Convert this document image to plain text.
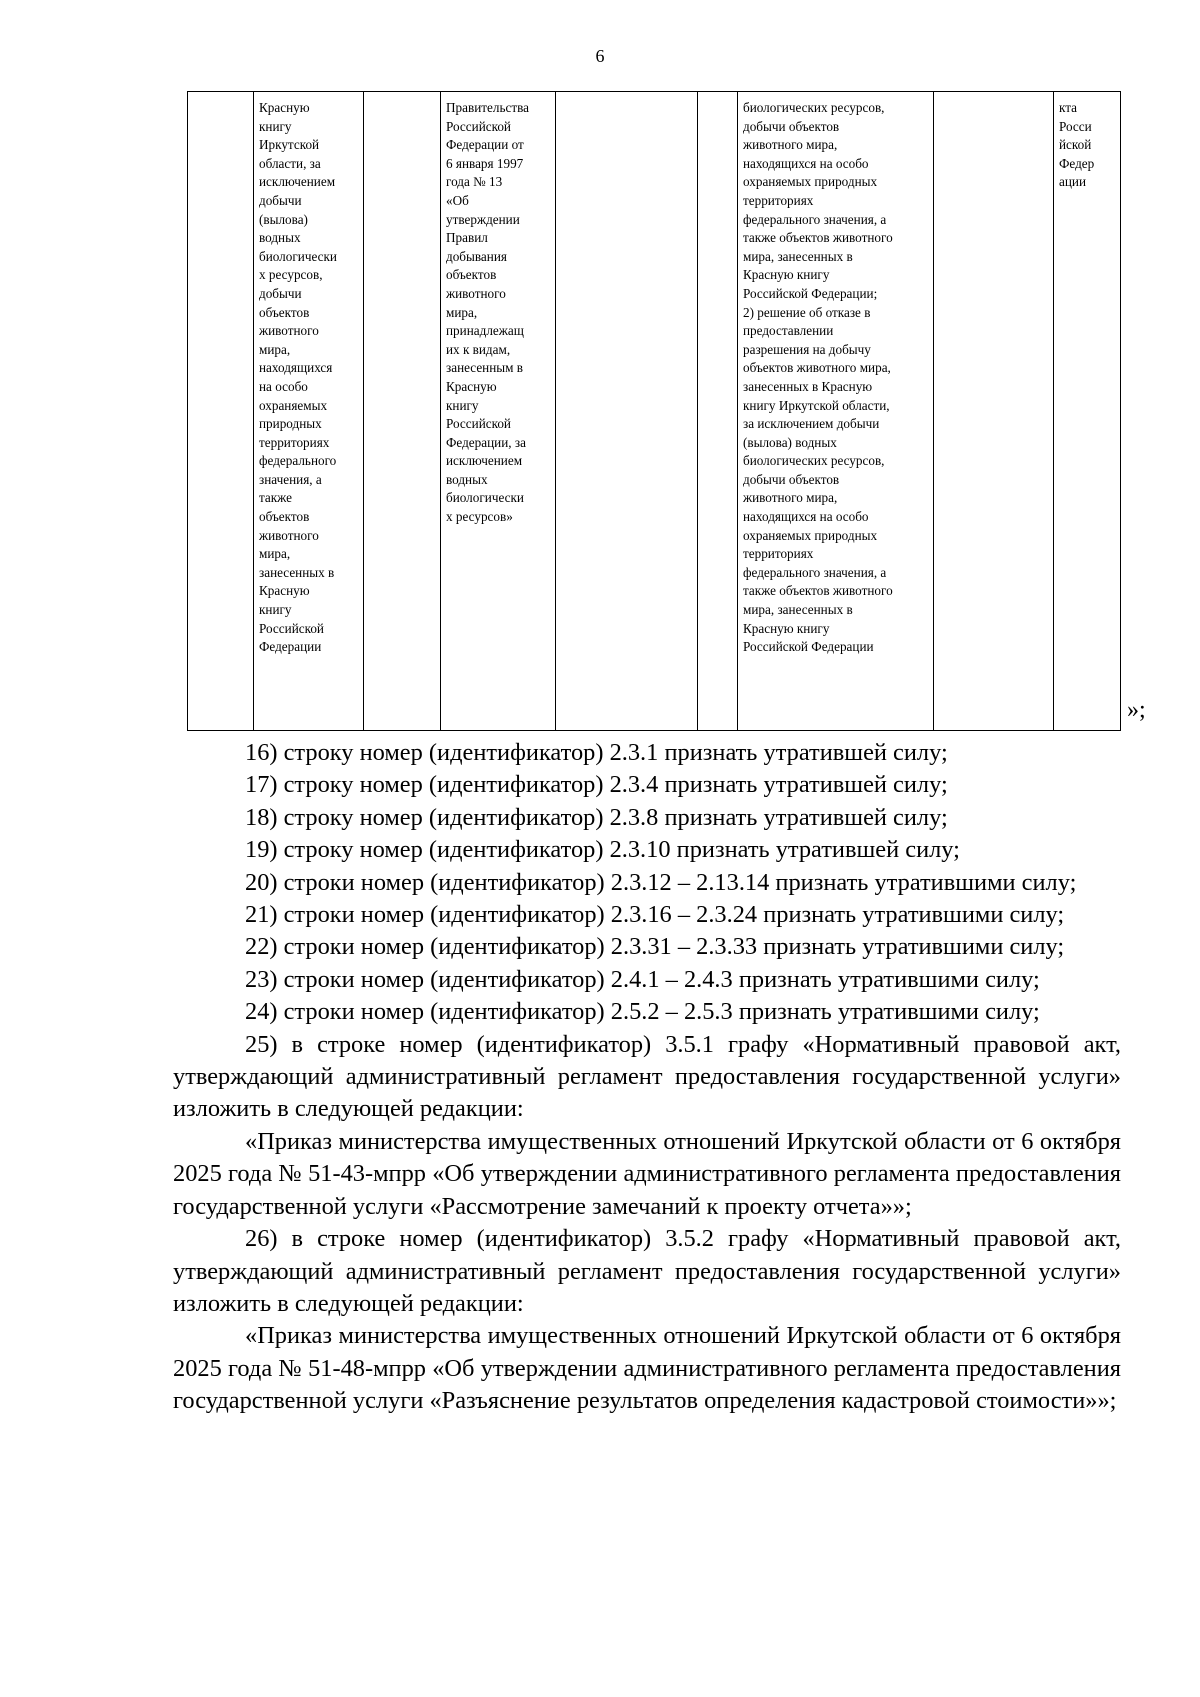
6
	Красную
книгу
Иркутской
области, за
исключением
добычи
(вылова)
водных
биологически
х ресурсов,
добычи
объектов
животного
мира,
находящихся
на особо
охраняемых
природных
территориях
федерального
значения, а
также
объектов
животного
мира,
занесенных в
Красную
книгу
Российской
Федерации		Правительства
Российской
Федерации от
6 января 1997
года № 13
«Об
утверждении
Правил
добывания
объектов
животного
мира,
принадлежащ
их к видам,
занесенным в
Красную
книгу
Российской
Федерации, за
исключением
водных
биологически
х ресурсов»			биологических ресурсов,
добычи объектов
животного мира,
находящихся на особо
охраняемых природных
территориях
федерального значения, а
также объектов животного
мира, занесенных в
Красную книгу
Российской Федерации;
2) решение об отказе в
предоставлении
разрешения на добычу
объектов животного мира,
занесенных в Красную
книгу Иркутской области,
за исключением добычи
(вылова) водных
биологических ресурсов,
добычи объектов
животного мира,
находящихся на особо
охраняемых природных
территориях
федерального значения, а
также объектов животного
мира, занесенных в
Красную книгу
Российской Федерации		кта
Росси
йской
Федер
ации
»;

16) строку номер (идентификатор) 2.3.1 признать утратившей силу;

17) строку номер (идентификатор) 2.3.4 признать утратившей силу;

18) строку номер (идентификатор) 2.3.8 признать утратившей силу;

19) строку номер (идентификатор) 2.3.10 признать утратившей силу;

20) строки номер (идентификатор) 2.3.12 – 2.13.14 признать утратившими силу;

21) строки номер (идентификатор) 2.3.16 – 2.3.24 признать утратившими силу;

22) строки номер (идентификатор) 2.3.31 – 2.3.33 признать утратившими силу;

23) строки номер (идентификатор) 2.4.1 – 2.4.3 признать утратившими силу;

24) строки номер (идентификатор) 2.5.2 – 2.5.3 признать утратившими силу;

25) в строке номер (идентификатор) 3.5.1 графу «Нормативный правовой акт, утверждающий административный регламент предоставления государственной услуги» изложить в следующей редакции:

«Приказ министерства имущественных отношений Иркутской области от 6 октября 2025 года № 51-43-мпрр «Об утверждении административного регламента предоставления государственной услуги «Рассмотрение замечаний к проекту отчета»»;

26) в строке номер (идентификатор) 3.5.2 графу «Нормативный правовой акт, утверждающий административный регламент предоставления государственной услуги» изложить в следующей редакции:

«Приказ министерства имущественных отношений Иркутской области от 6 октября 2025 года № 51-48-мпрр «Об утверждении административного регламента предоставления государственной услуги «Разъяснение результатов определения кадастровой стоимости»»;
